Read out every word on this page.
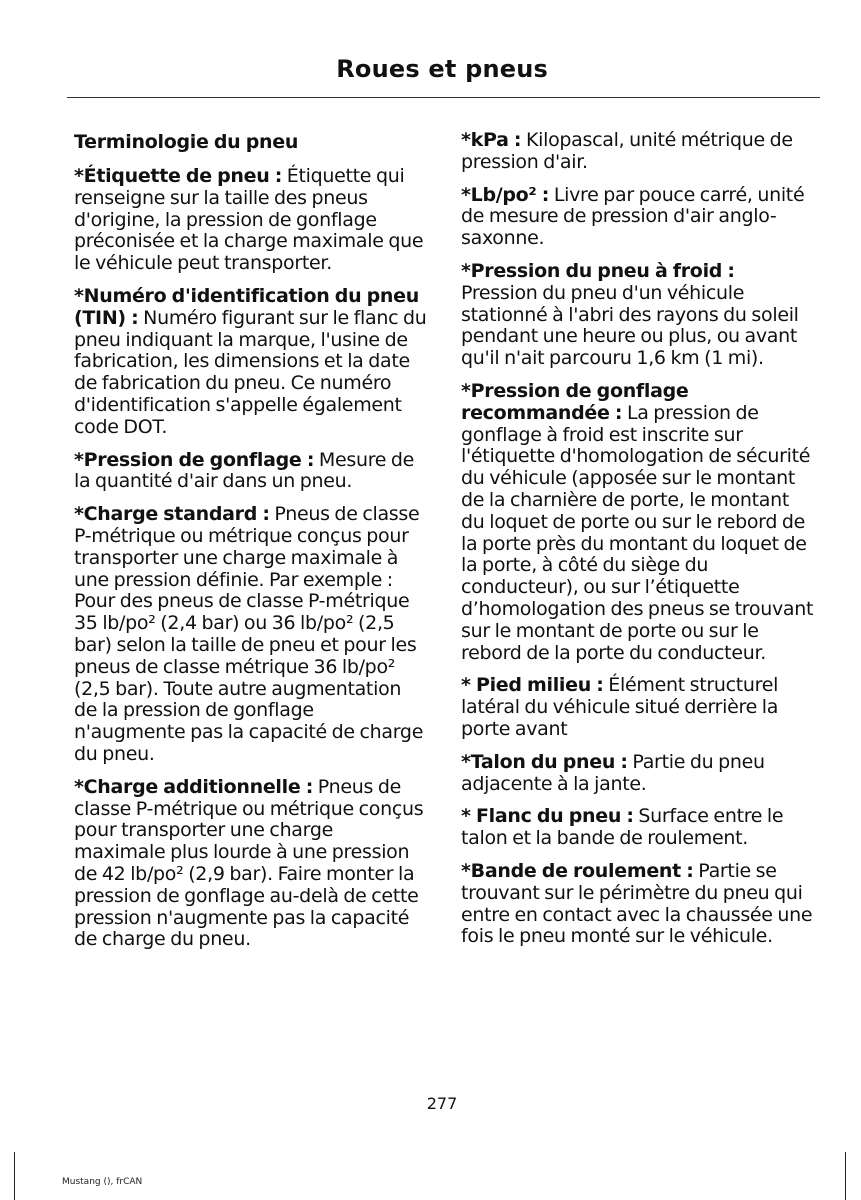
Roues et pneus
Terminologie du pneu

*Étiquette de pneu : Étiquette qui renseigne sur la taille des pneus d'origine, la pression de gonflage préconisée et la charge maximale que le véhicule peut transporter.

*Numéro d'identification du pneu (TIN) : Numéro figurant sur le flanc du pneu indiquant la marque, l'usine de fabrication, les dimensions et la date de fabrication du pneu. Ce numéro d'identification s'appelle également code DOT.

*Pression de gonflage : Mesure de la quantité d'air dans un pneu.

*Charge standard : Pneus de classe P-métrique ou métrique conçus pour transporter une charge maximale à une pression définie. Par exemple : Pour des pneus de classe P-métrique 35 lb/po² (2,4 bar) ou 36 lb/po² (2,5 bar) selon la taille de pneu et pour les pneus de classe métrique 36 lb/po² (2,5 bar). Toute autre augmentation de la pression de gonflage n'augmente pas la capacité de charge du pneu.

*Charge additionnelle : Pneus de classe P-métrique ou métrique conçus pour transporter une charge maximale plus lourde à une pression de 42 lb/po² (2,9 bar). Faire monter la pression de gonflage au-delà de cette pression n'augmente pas la capacité de charge du pneu.

*kPa : Kilopascal, unité métrique de pression d'air.

*Lb/po² : Livre par pouce carré, unité de mesure de pression d'air anglo-saxonne.

*Pression du pneu à froid : Pression du pneu d'un véhicule stationné à l'abri des rayons du soleil pendant une heure ou plus, ou avant qu'il n'ait parcouru 1,6 km (1 mi).

*Pression de gonflage recommandée : La pression de gonflage à froid est inscrite sur l'étiquette d'homologation de sécurité du véhicule (apposée sur le montant de la charnière de porte, le montant du loquet de porte ou sur le rebord de la porte près du montant du loquet de la porte, à côté du siège du conducteur), ou sur l’étiquette d’homologation des pneus se trouvant sur le montant de porte ou sur le rebord de la porte du conducteur.

* Pied milieu : Élément structurel latéral du véhicule situé derrière la porte avant

*Talon du pneu : Partie du pneu adjacente à la jante.

* Flanc du pneu : Surface entre le talon et la bande de roulement.

*Bande de roulement : Partie se trouvant sur le périmètre du pneu qui entre en contact avec la chaussée une fois le pneu monté sur le véhicule.

277
Mustang (), frCAN
